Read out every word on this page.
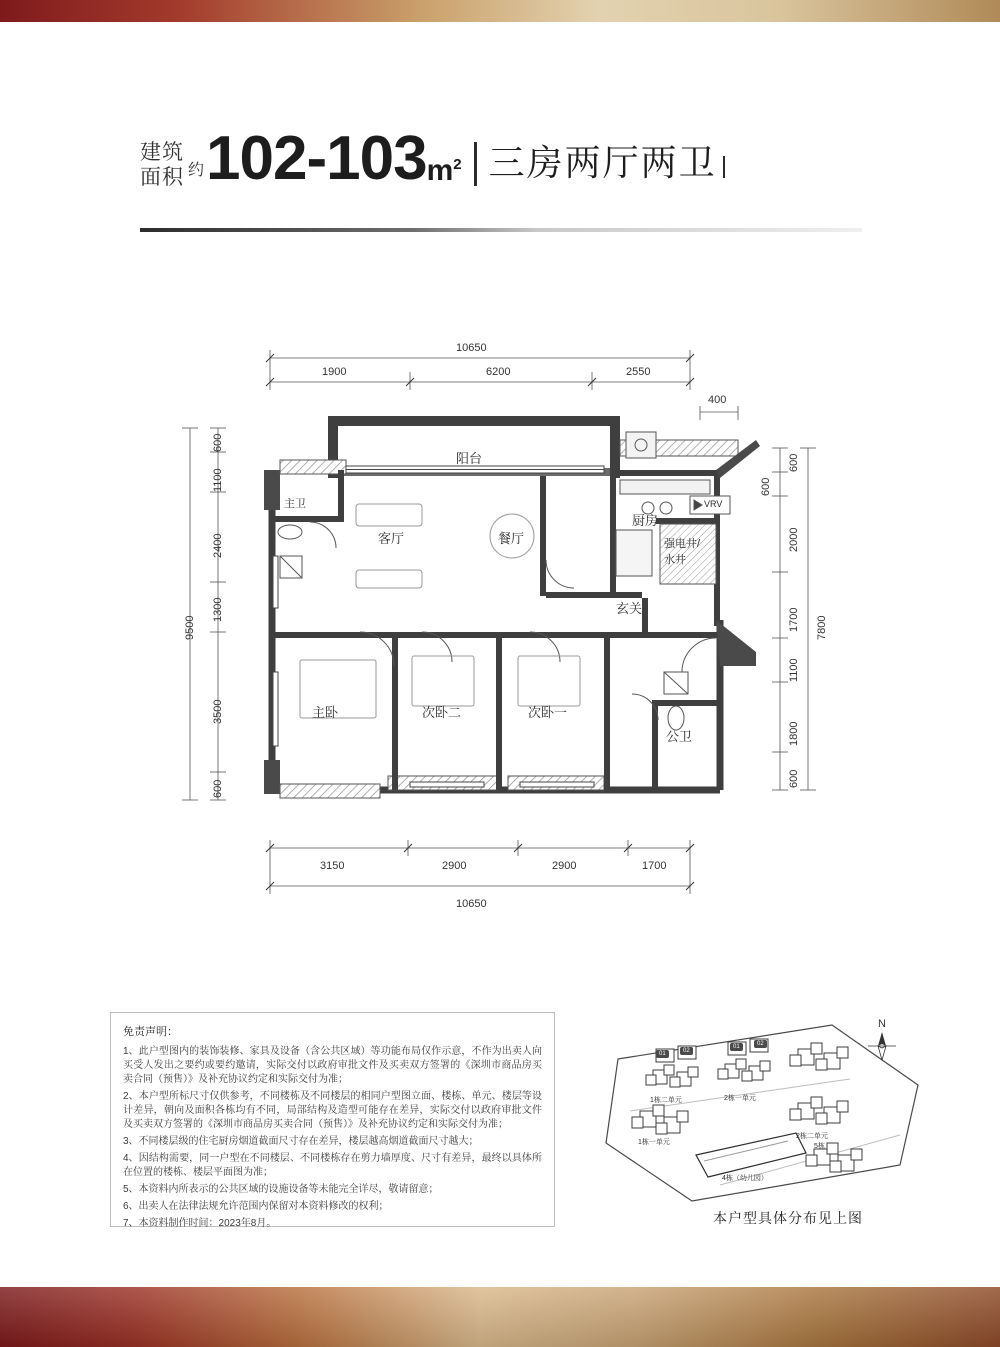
建筑
面积 约 102-103 $m^2$ 三房两厅两卫
阳台
客厅	餐厅
厨房
主卫
玄关
主卧	次卧二	次卧一
公卫
强电井/
水井
VRV
10650
1900	6200	2550
400
3150	2900	2900	1700
10650
9500
600
1100
2400
1300
3500
600
7800
600
600
2000
1700
1100
1800
600
免责声明：

1、此户型图内的装饰装修、家具及设备（含公共区域）等功能布局仅作示意，不作为出卖人向买受人发出之要约或要约邀请，实际交付以政府审批文件及买卖双方签署的《深圳市商品房买卖合同（预售）》及补充协议约定和实际交付为准；

2、本户型所标尺寸仅供参考，不同楼栋及不同楼层的相同户型图立面、楼栋、单元、楼层等设计差异，朝向及面积各栋均有不同，局部结构及造型可能存在差异，实际交付以政府审批文件及买卖双方签署的《深圳市商品房买卖合同（预售）》及补充协议约定和实际交付为准；

3、不同楼层级的住宅厨房烟道截面尺寸存在差异，楼层越高烟道截面尺寸越大；

4、因结构需要，同一户型在不同楼层、不同楼栋存在剪力墙厚度、尺寸有差异，最终以具体所在位置的楼栋、楼层平面图为准；

5、本资料内所表示的公共区域的设施设备等未能完全详尽，敬请留意；

6、出卖人在法律法规允许范围内保留对本资料修改的权利；

7、本资料制作时间：2023年8月。

01	02
01	02
1栋二单元
1栋一单元
2栋一单元
2栋二单元
5栋
4栋（幼儿园）
N
本户型具体分布见上图
